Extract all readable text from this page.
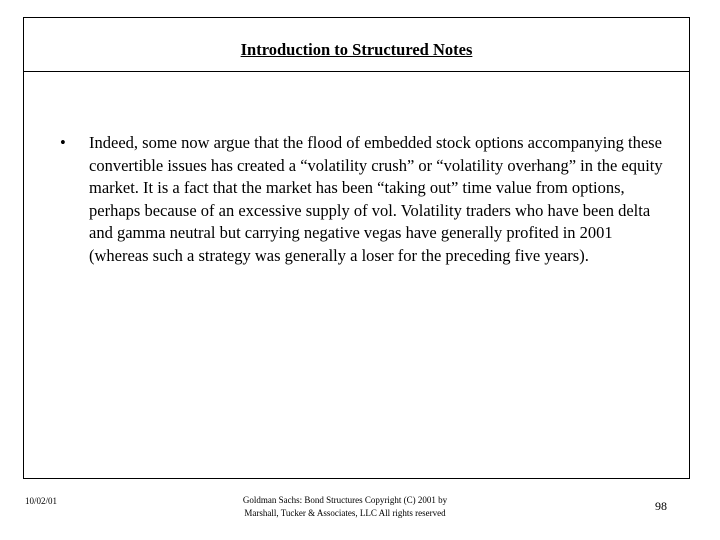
Introduction to Structured Notes
• Indeed, some now argue that the flood of embedded stock options accompanying these convertible issues has created a “volatility crush” or “volatility overhang” in the equity market. It is a fact that the market has been “taking out” time value from options, perhaps because of an excessive supply of vol. Volatility traders who have been delta and gamma neutral but carrying negative vegas have generally profited in 2001 (whereas such a strategy was generally a loser for the preceding five years).

10/02/01	Goldman Sachs: Bond Structures Copyright (C) 2001 by Marshall, Tucker & Associates, LLC All rights reserved	98
